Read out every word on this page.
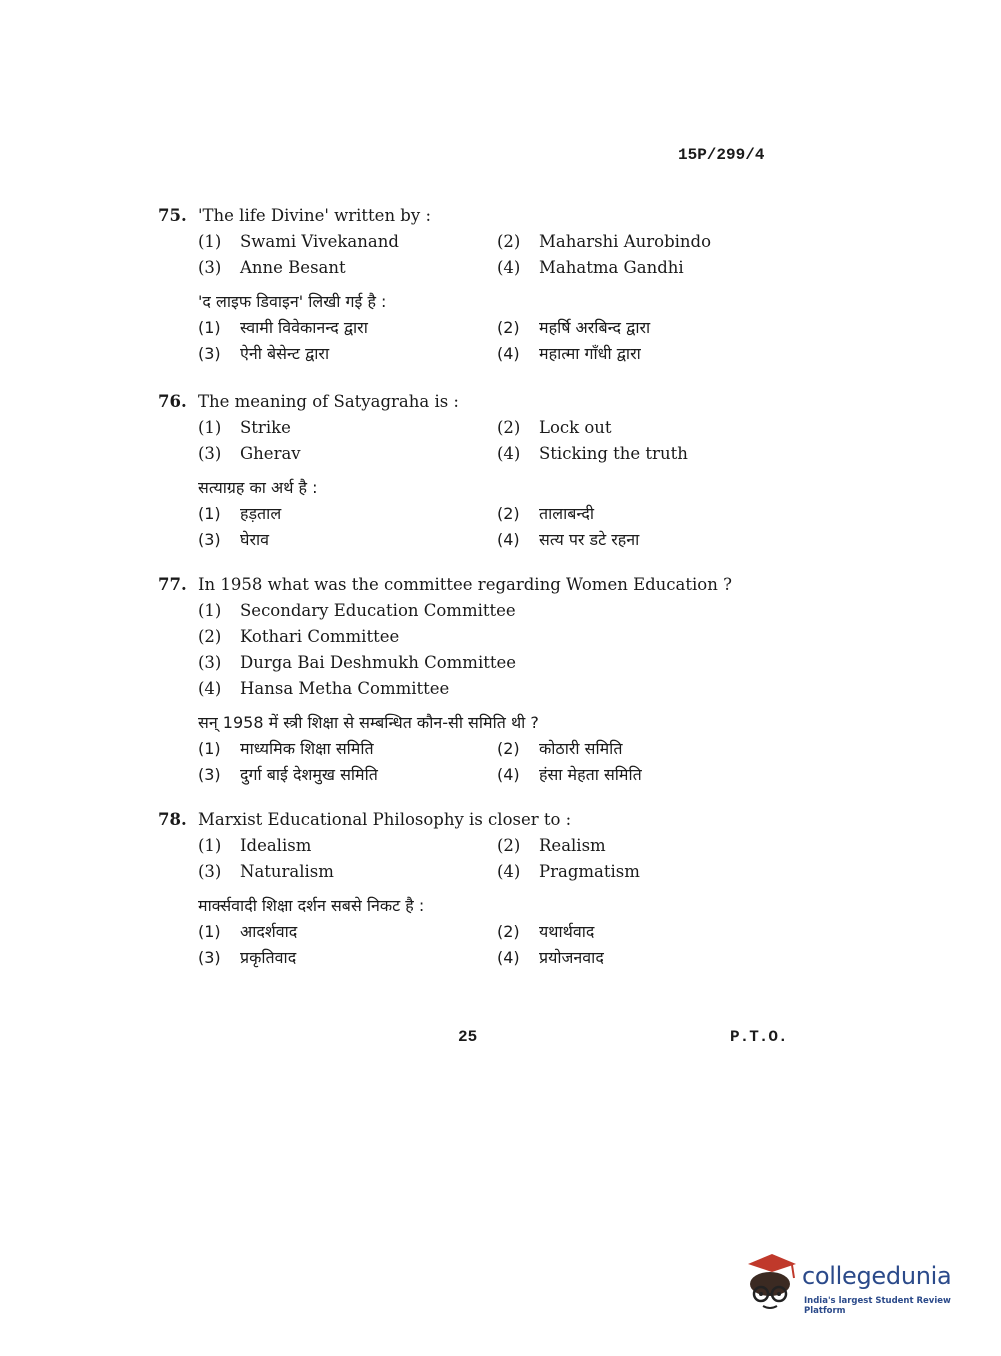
15P/299/4
75. 'The life Divine' written by :
(1) Swami Vivekanand	(2) Maharshi Aurobindo
(3) Anne Besant	(4) Mahatma Gandhi
'द लाइफ डिवाइन' लिखी गई है :
(1) स्वामी विवेकानन्द द्वारा	(2) महर्षि अरबिन्द द्वारा
(3) ऐनी बेसेन्ट द्वारा	(4) महात्मा गाँधी द्वारा
76. The meaning of Satyagraha is :
(1) Strike	(2) Lock out
(3) Gherav	(4) Sticking the truth
सत्याग्रह का अर्थ है :
(1) हड़ताल	(2) तालाबन्दी
(3) घेराव	(4) सत्य पर डटे रहना
77. In 1958 what was the committee regarding Women Education ?
(1) Secondary Education Committee
(2) Kothari Committee
(3) Durga Bai Deshmukh Committee
(4) Hansa Metha Committee
सन् 1958 में स्त्री शिक्षा से सम्बन्धित कौन-सी समिति थी ?
(1) माध्यमिक शिक्षा समिति	(2) कोठारी समिति
(3) दुर्गा बाई देशमुख समिति	(4) हंसा मेहता समिति
78. Marxist Educational Philosophy is closer to :
(1) Idealism	(2) Realism
(3) Naturalism	(4) Pragmatism
मार्क्सवादी शिक्षा दर्शन सबसे निकट है :
(1) आदर्शवाद	(2) यथार्थवाद
(3) प्रकृतिवाद	(4) प्रयोजनवाद
25	P.T.O.
collegedunia
India's largest Student Review Platform
